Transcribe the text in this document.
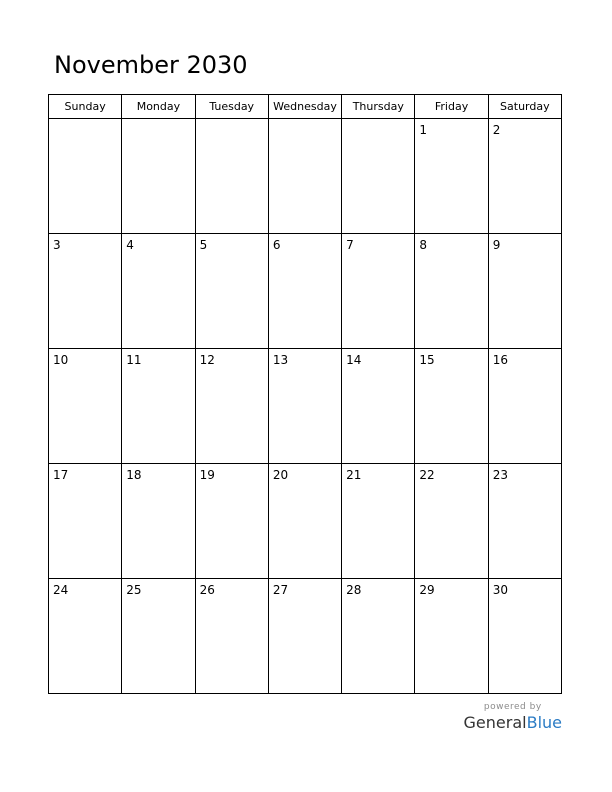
November 2030
Sunday	Monday	Tuesday	Wednesday	Thursday	Friday	Saturday

					1	2

3	4	5	6	7	8	9

10	11	12	13	14	15	16

17	18	19	20	21	22	23

24	25	26	27	28	29	30
powered by
GeneralBlue
